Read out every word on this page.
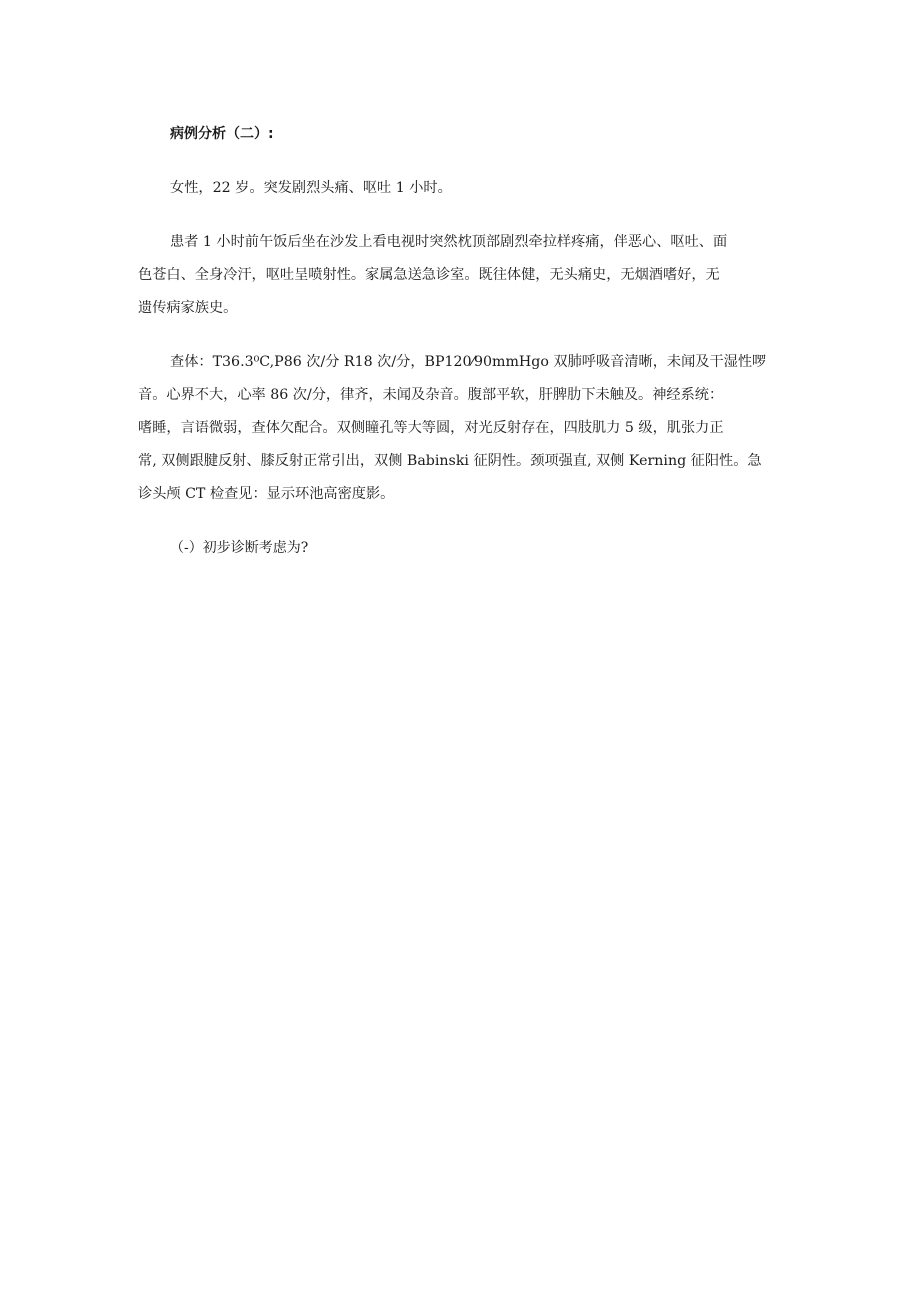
病例分析（二）:
女性，22 岁。突发剧烈头痛、呕吐 1 小时。
患者 1 小时前午饭后坐在沙发上看电视时突然枕顶部剧烈牵拉样疼痛，伴恶心、呕吐、面
色苍白、全身冷汗，呕吐呈喷射性。家属急送急诊室。既往体健，无头痛史，无烟酒嗜好，无
遗传病家族史。
查体：T36.3⁰C,P86 次/分 R18 次/分，BP120⁄90mmHgo 双肺呼吸音清晰，未闻及干湿性啰
音。心界不大，心率 86 次/分，律齐，未闻及杂音。腹部平软，肝脾肋下未触及。神经系统：
嗜睡，言语微弱，查体欠配合。双侧瞳孔等大等圆，对光反射存在，四肢肌力 5 级，肌张力正
常, 双侧跟腱反射、膝反射正常引出，双侧 Babinski 征阴性。颈项强直, 双侧 Kerning 征阳性。急
诊头颅 CT 检查见：显示环池高密度影。
（-）初步诊断考虑为?
